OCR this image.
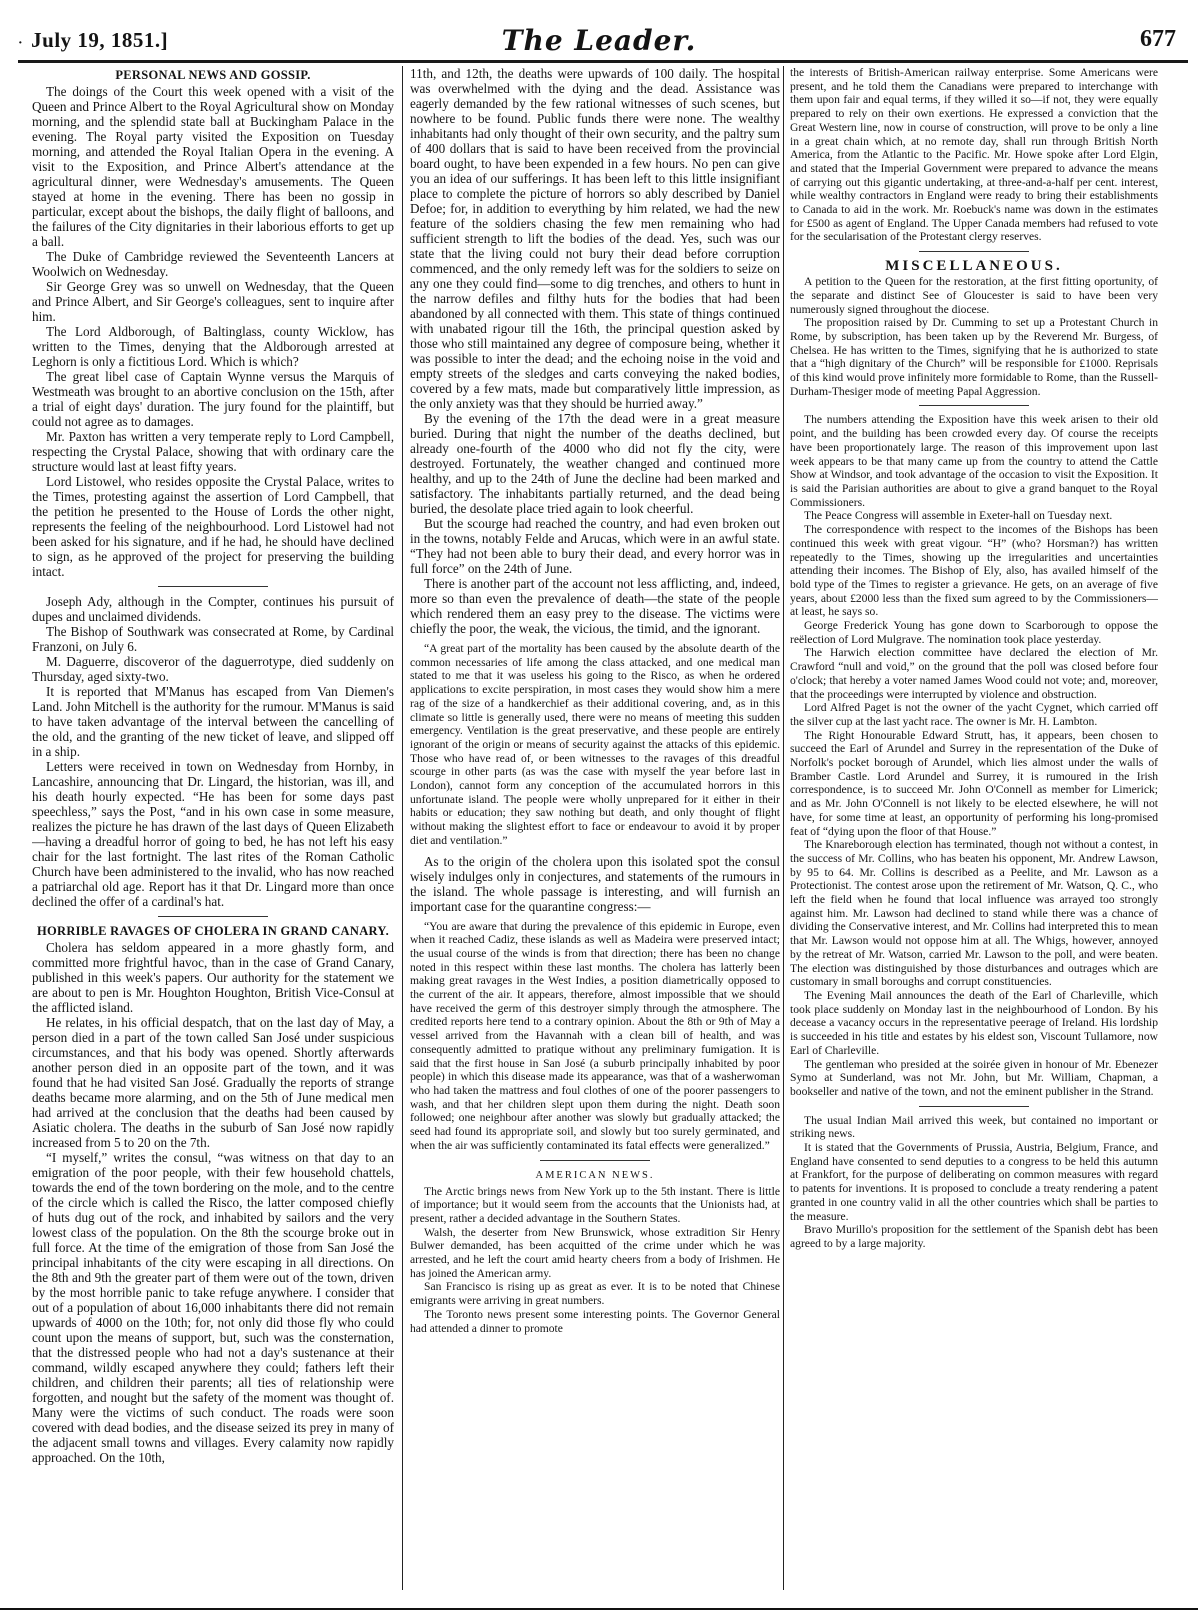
· July 19, 1851.]	The Leader.	677
PERSONAL NEWS AND GOSSIP.

The doings of the Court this week opened with a visit of the Queen and Prince Albert to the Royal Agricultural show on Monday morning, and the splendid state ball at Buckingham Palace in the evening. The Royal party visited the Exposition on Tuesday morning, and attended the Royal Italian Opera in the evening. A visit to the Exposition, and Prince Albert's attendance at the agricultural dinner, were Wednesday's amusements. The Queen stayed at home in the evening. There has been no gossip in particular, except about the bishops, the daily flight of balloons, and the failures of the City dignitaries in their laborious efforts to get up a ball.

The Duke of Cambridge reviewed the Seventeenth Lancers at Woolwich on Wednesday.

Sir George Grey was so unwell on Wednesday, that the Queen and Prince Albert, and Sir George's colleagues, sent to inquire after him.

The Lord Aldborough, of Baltinglass, county Wicklow, has written to the Times, denying that the Aldborough arrested at Leghorn is only a fictitious Lord. Which is which?

The great libel case of Captain Wynne versus the Marquis of Westmeath was brought to an abortive conclusion on the 15th, after a trial of eight days' duration. The jury found for the plaintiff, but could not agree as to damages.

Mr. Paxton has written a very temperate reply to Lord Campbell, respecting the Crystal Palace, showing that with ordinary care the structure would last at least fifty years.

Lord Listowel, who resides opposite the Crystal Palace, writes to the Times, protesting against the assertion of Lord Campbell, that the petition he presented to the House of Lords the other night, represents the feeling of the neighbourhood. Lord Listowel had not been asked for his signature, and if he had, he should have declined to sign, as he approved of the project for preserving the building intact.

Joseph Ady, although in the Compter, continues his pursuit of dupes and unclaimed dividends.

The Bishop of Southwark was consecrated at Rome, by Cardinal Franzoni, on July 6.

M. Daguerre, discoveror of the daguerrotype, died suddenly on Thursday, aged sixty-two.

It is reported that M'Manus has escaped from Van Diemen's Land. John Mitchell is the authority for the rumour. M'Manus is said to have taken advantage of the interval between the cancelling of the old, and the granting of the new ticket of leave, and slipped off in a ship.

Letters were received in town on Wednesday from Hornby, in Lancashire, announcing that Dr. Lingard, the historian, was ill, and his death hourly expected. “He has been for some days past speechless,” says the Post, “and in his own case in some measure, realizes the picture he has drawn of the last days of Queen Elizabeth—having a dreadful horror of going to bed, he has not left his easy chair for the last fortnight. The last rites of the Roman Catholic Church have been administered to the invalid, who has now reached a patriarchal old age. Report has it that Dr. Lingard more than once declined the offer of a cardinal's hat.

HORRIBLE RAVAGES OF CHOLERA IN GRAND CANARY.

Cholera has seldom appeared in a more ghastly form, and committed more frightful havoc, than in the case of Grand Canary, published in this week's papers. Our authority for the statement we are about to pen is Mr. Houghton Houghton, British Vice-Consul at the afflicted island.

He relates, in his official despatch, that on the last day of May, a person died in a part of the town called San José under suspicious circumstances, and that his body was opened. Shortly afterwards another person died in an opposite part of the town, and it was found that he had visited San José. Gradually the reports of strange deaths became more alarming, and on the 5th of June medical men had arrived at the conclusion that the deaths had been caused by Asiatic cholera. The deaths in the suburb of San José now rapidly increased from 5 to 20 on the 7th.

“I myself,” writes the consul, “was witness on that day to an emigration of the poor people, with their few household chattels, towards the end of the town bordering on the mole, and to the centre of the circle which is called the Risco, the latter composed chiefly of huts dug out of the rock, and inhabited by sailors and the very lowest class of the population. On the 8th the scourge broke out in full force. At the time of the emigration of those from San José the principal inhabitants of the city were escaping in all directions. On the 8th and 9th the greater part of them were out of the town, driven by the most horrible panic to take refuge anywhere. I consider that out of a population of about 16,000 inhabitants there did not remain upwards of 4000 on the 10th; for, not only did those fly who could count upon the means of support, but, such was the consternation, that the distressed people who had not a day's sustenance at their command, wildly escaped anywhere they could; fathers left their children, and children their parents; all ties of relationship were forgotten, and nought but the safety of the moment was thought of. Many were the victims of such conduct. The roads were soon covered with dead bodies, and the disease seized its prey in many of the adjacent small towns and villages. Every calamity now rapidly approached. On the 10th,

11th, and 12th, the deaths were upwards of 100 daily. The hospital was overwhelmed with the dying and the dead. Assistance was eagerly demanded by the few rational witnesses of such scenes, but nowhere to be found. Public funds there were none. The wealthy inhabitants had only thought of their own security, and the paltry sum of 400 dollars that is said to have been received from the provincial board ought, to have been expended in a few hours. No pen can give you an idea of our sufferings. It has been left to this little insignifiant place to complete the picture of horrors so ably described by Daniel Defoe; for, in addition to everything by him related, we had the new feature of the soldiers chasing the few men remaining who had sufficient strength to lift the bodies of the dead. Yes, such was our state that the living could not bury their dead before corruption commenced, and the only remedy left was for the soldiers to seize on any one they could find—some to dig trenches, and others to hunt in the narrow defiles and filthy huts for the bodies that had been abandoned by all connected with them. This state of things continued with unabated rigour till the 16th, the principal question asked by those who still maintained any degree of composure being, whether it was possible to inter the dead; and the echoing noise in the void and empty streets of the sledges and carts conveying the naked bodies, covered by a few mats, made but comparatively little impression, as the only anxiety was that they should be hurried away.”

By the evening of the 17th the dead were in a great measure buried. During that night the number of the deaths declined, but already one-fourth of the 4000 who did not fly the city, were destroyed. Fortunately, the weather changed and continued more healthy, and up to the 24th of June the decline had been marked and satisfactory. The inhabitants partially returned, and the dead being buried, the desolate place tried again to look cheerful.

But the scourge had reached the country, and had even broken out in the towns, notably Felde and Arucas, which were in an awful state. “They had not been able to bury their dead, and every horror was in full force” on the 24th of June.

There is another part of the account not less afflicting, and, indeed, more so than even the prevalence of death—the state of the people which rendered them an easy prey to the disease. The victims were chiefly the poor, the weak, the vicious, the timid, and the ignorant.

“A great part of the mortality has been caused by the absolute dearth of the common necessaries of life among the class attacked, and one medical man stated to me that it was useless his going to the Risco, as when he ordered applications to excite perspiration, in most cases they would show him a mere rag of the size of a handkerchief as their additional covering, and, as in this climate so little is generally used, there were no means of meeting this sudden emergency. Ventilation is the great preservative, and these people are entirely ignorant of the origin or means of security against the attacks of this epidemic. Those who have read of, or been witnesses to the ravages of this dreadful scourge in other parts (as was the case with myself the year before last in London), cannot form any conception of the accumulated horrors in this unfortunate island. The people were wholly unprepared for it either in their habits or education; they saw nothing but death, and only thought of flight without making the slightest effort to face or endeavour to avoid it by proper diet and ventilation.”

As to the origin of the cholera upon this isolated spot the consul wisely indulges only in conjectures, and statements of the rumours in the island. The whole passage is interesting, and will furnish an important case for the quarantine congress:—

“You are aware that during the prevalence of this epidemic in Europe, even when it reached Cadiz, these islands as well as Madeira were preserved intact; the usual course of the winds is from that direction; there has been no change noted in this respect within these last months. The cholera has latterly been making great ravages in the West Indies, a position diametrically opposed to the current of the air. It appears, therefore, almost impossible that we should have received the germ of this destroyer simply through the atmosphere. The credited reports here tend to a contrary opinion. About the 8th or 9th of May a vessel arrived from the Havannah with a clean bill of health, and was consequently admitted to pratique without any preliminary fumigation. It is said that the first house in San José (a suburb principally inhabited by poor people) in which this disease made its appearance, was that of a washerwoman who had taken the mattress and foul clothes of one of the poorer passengers to wash, and that her children slept upon them during the night. Death soon followed; one neighbour after another was slowly but gradually attacked; the seed had found its appropriate soil, and slowly but too surely germinated, and when the air was sufficiently contaminated its fatal effects were generalized.”

AMERICAN NEWS.

The Arctic brings news from New York up to the 5th instant. There is little of importance; but it would seem from the accounts that the Unionists had, at present, rather a decided advantage in the Southern States.

Walsh, the deserter from New Brunswick, whose extradition Sir Henry Bulwer demanded, has been acquitted of the crime under which he was arrested, and he left the court amid hearty cheers from a body of Irishmen. He has joined the American army.

San Francisco is rising up as great as ever. It is to be noted that Chinese emigrants were arriving in great numbers.

The Toronto news present some interesting points. The Governor General had attended a dinner to promote

the interests of British-American railway enterprise. Some Americans were present, and he told them the Canadians were prepared to interchange with them upon fair and equal terms, if they willed it so—if not, they were equally prepared to rely on their own exertions. He expressed a conviction that the Great Western line, now in course of construction, will prove to be only a line in a great chain which, at no remote day, shall run through British North America, from the Atlantic to the Pacific. Mr. Howe spoke after Lord Elgin, and stated that the Imperial Government were prepared to advance the means of carrying out this gigantic undertaking, at three-and-a-half per cent. interest, while wealthy contractors in England were ready to bring their establishments to Canada to aid in the work. Mr. Roebuck's name was down in the estimates for £500 as agent of England. The Upper Canada members had refused to vote for the secularisation of the Protestant clergy reserves.

MISCELLANEOUS.

A petition to the Queen for the restoration, at the first fitting oportunity, of the separate and distinct See of Gloucester is said to have been very numerously signed throughout the diocese.

The proposition raised by Dr. Cumming to set up a Protestant Church in Rome, by subscription, has been taken up by the Reverend Mr. Burgess, of Chelsea. He has written to the Times, signifying that he is authorized to state that a “high dignitary of the Church” will be responsible for £1000. Reprisals of this kind would prove infinitely more formidable to Rome, than the Russell-Durham-Thesiger mode of meeting Papal Aggression.

The numbers attending the Exposition have this week arisen to their old point, and the building has been crowded every day. Of course the receipts have been proportionately large. The reason of this improvement upon last week appears to be that many came up from the country to attend the Cattle Show at Windsor, and took advantage of the occasion to visit the Exposition. It is said the Parisian authorities are about to give a grand banquet to the Royal Commissioners.

The Peace Congress will assemble in Exeter-hall on Tuesday next.

The correspondence with respect to the incomes of the Bishops has been continued this week with great vigour. “H” (who? Horsman?) has written repeatedly to the Times, showing up the irregularities and uncertainties attending their incomes. The Bishop of Ely, also, has availed himself of the bold type of the Times to register a grievance. He gets, on an average of five years, about £2000 less than the fixed sum agreed to by the Commissioners—at least, he says so.

George Frederick Young has gone down to Scarborough to oppose the reëlection of Lord Mulgrave. The nomination took place yesterday.

The Harwich election committee have declared the election of Mr. Crawford “null and void,” on the ground that the poll was closed before four o'clock; that hereby a voter named James Wood could not vote; and, moreover, that the proceedings were interrupted by violence and obstruction.

Lord Alfred Paget is not the owner of the yacht Cygnet, which carried off the silver cup at the last yacht race. The owner is Mr. H. Lambton.

The Right Honourable Edward Strutt, has, it appears, been chosen to succeed the Earl of Arundel and Surrey in the representation of the Duke of Norfolk's pocket borough of Arundel, which lies almost under the walls of Bramber Castle. Lord Arundel and Surrey, it is rumoured in the Irish correspondence, is to succeed Mr. John O'Connell as member for Limerick; and as Mr. John O'Connell is not likely to be elected elsewhere, he will not have, for some time at least, an opportunity of performing his long-promised feat of “dying upon the floor of that House.”

The Knareborough election has terminated, though not without a contest, in the success of Mr. Collins, who has beaten his opponent, Mr. Andrew Lawson, by 95 to 64. Mr. Collins is described as a Peelite, and Mr. Lawson as a Protectionist. The contest arose upon the retirement of Mr. Watson, Q. C., who left the field when he found that local influence was arrayed too strongly against him. Mr. Lawson had declined to stand while there was a chance of dividing the Conservative interest, and Mr. Collins had interpreted this to mean that Mr. Lawson would not oppose him at all. The Whigs, however, annoyed by the retreat of Mr. Watson, carried Mr. Lawson to the poll, and were beaten. The election was distinguished by those disturbances and outrages which are customary in small boroughs and corrupt constituencies.

The Evening Mail announces the death of the Earl of Charleville, which took place suddenly on Monday last in the neighbourhood of London. By his decease a vacancy occurs in the representative peerage of Ireland. His lordship is succeeded in his title and estates by his eldest son, Viscount Tullamore, now Earl of Charleville.

The gentleman who presided at the soirée given in honour of Mr. Ebenezer Symo at Sunderland, was not Mr. John, but Mr. William, Chapman, a bookseller and native of the town, and not the eminent publisher in the Strand.

The usual Indian Mail arrived this week, but contained no important or striking news.

It is stated that the Governments of Prussia, Austria, Belgium, France, and England have consented to send deputies to a congress to be held this autumn at Frankfort, for the purpose of deliberating on common measures with regard to patents for inventions. It is proposed to conclude a treaty rendering a patent granted in one country valid in all the other countries which shall be parties to the measure.

Bravo Murillo's proposition for the settlement of the Spanish debt has been agreed to by a large majority.
